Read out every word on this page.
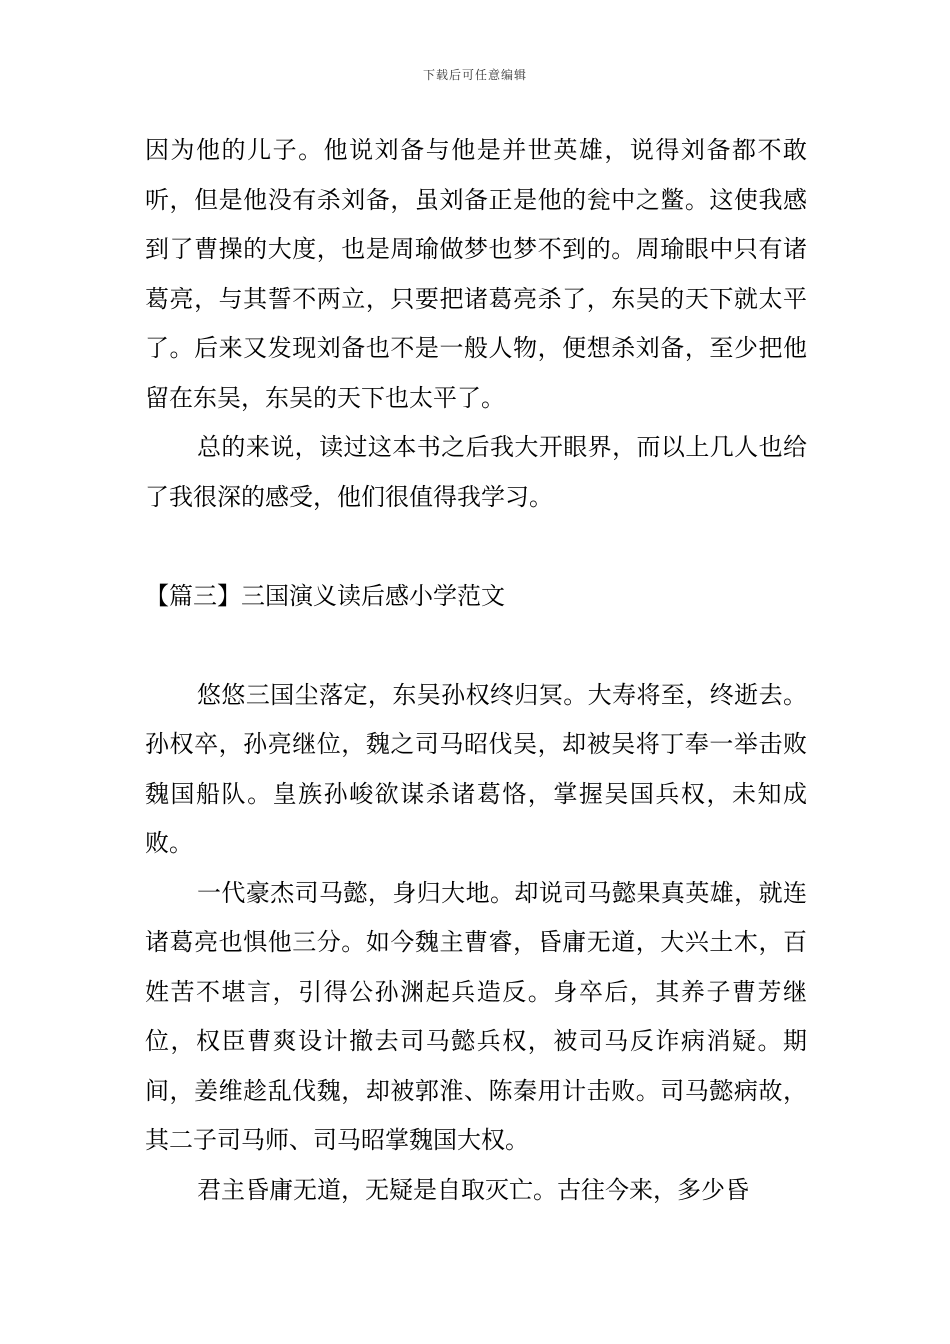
下载后可任意编辑

因为他的儿子。他说刘备与他是并世英雄，说得刘备都不敢听，但是他没有杀刘备，虽刘备正是他的瓮中之鳖。这使我感到了曹操的大度，也是周瑜做梦也梦不到的。周瑜眼中只有诸葛亮，与其誓不两立，只要把诸葛亮杀了，东吴的天下就太平了。后来又发现刘备也不是一般人物，便想杀刘备，至少把他留在东吴，东吴的天下也太平了。

总的来说，读过这本书之后我大开眼界，而以上几人也给了我很深的感受，他们很值得我学习。

【篇三】三国演义读后感小学范文

悠悠三国尘落定，东吴孙权终归冥。大寿将至，终逝去。孙权卒，孙亮继位，魏之司马昭伐吴，却被吴将丁奉一举击败魏国船队。皇族孙峻欲谋杀诸葛恪，掌握吴国兵权，未知成败。

一代豪杰司马懿，身归大地。却说司马懿果真英雄，就连诸葛亮也惧他三分。如今魏主曹睿，昏庸无道，大兴土木，百姓苦不堪言，引得公孙渊起兵造反。身卒后，其养子曹芳继位，权臣曹爽设计撤去司马懿兵权，被司马反诈病消疑。期间，姜维趁乱伐魏，却被郭淮、陈秦用计击败。司马懿病故，其二子司马师、司马昭掌魏国大权。

君主昏庸无道，无疑是自取灭亡。古往今来，多少昏
